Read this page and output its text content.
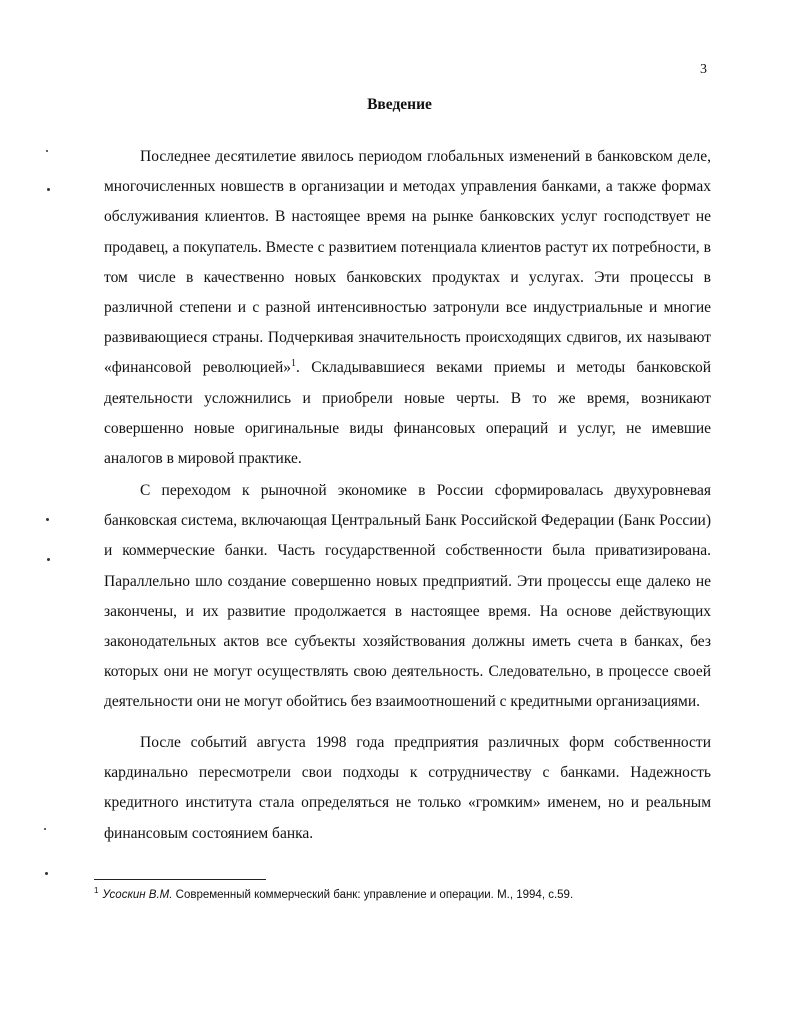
3
Введение
Последнее десятилетие явилось периодом глобальных изменений в банковском деле, многочисленных новшеств в организации и методах управления банками, а также формах обслуживания клиентов. В настоящее время на рынке банковских услуг господствует не продавец, а покупатель. Вместе с развитием потенциала клиентов растут их потребности, в том числе в качественно новых банковских продуктах и услугах. Эти процессы в различной степени и с разной интенсивностью затронули все индустриальные и многие развивающиеся страны. Подчеркивая значительность происходящих сдвигов, их называют «финансовой революцией»$^1$. Складывавшиеся веками приемы и методы банковской деятельности усложнились и приобрели новые черты. В то же время, возникают совершенно новые оригинальные виды финансовых операций и услуг, не имевшие аналогов в мировой практике.
С переходом к рыночной экономике в России сформировалась двухуровневая банковская система, включающая Центральный Банк Российской Федерации (Банк России) и коммерческие банки. Часть государственной собственности была приватизирована. Параллельно шло создание совершенно новых предприятий. Эти процессы еще далеко не закончены, и их развитие продолжается в настоящее время. На основе действующих законодательных актов все субъекты хозяйствования должны иметь счета в банках, без которых они не могут осуществлять свою деятельность. Следовательно, в процессе своей деятельности они не могут обойтись без взаимоотношений с кредитными организациями.
После событий августа 1998 года предприятия различных форм собственности кардинально пересмотрели свои подходы к сотрудничеству с банками. Надежность кредитного института стала определяться не только «громким» именем, но и реальным финансовым состоянием банка.
$^1$ Усоскин В.М. Современный коммерческий банк: управление и операции. М., 1994, с.59.
